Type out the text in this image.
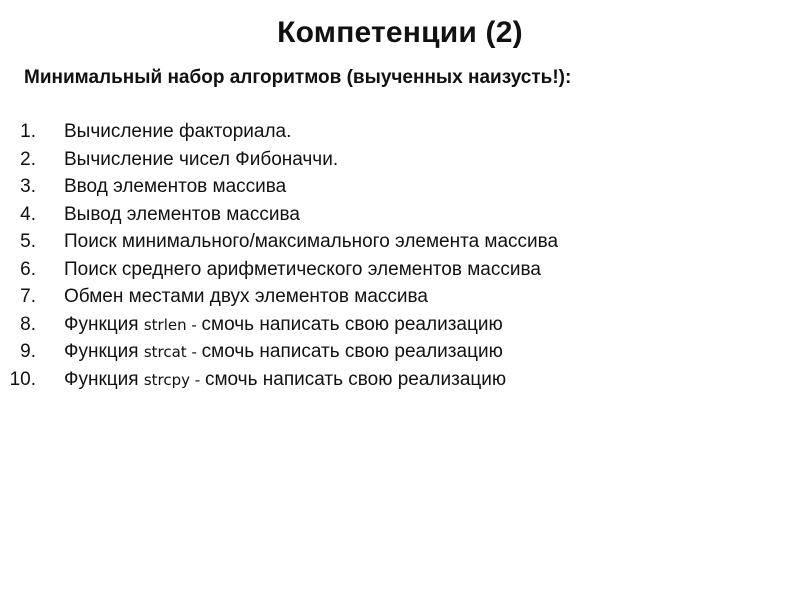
Компетенции (2)
Минимальный набор алгоритмов (выученных наизусть!):
1. Вычисление факториала.
2. Вычисление чисел Фибоначчи.
3. Ввод элементов массива
4. Вывод элементов массива
5. Поиск минимального/максимального элемента массива
6. Поиск среднего арифметического элементов массива
7. Обмен местами двух элементов массива
8. Функция strlen - смочь написать свою реализацию
9. Функция strcat - смочь написать свою реализацию
10. Функция strcpy - смочь написать свою реализацию
